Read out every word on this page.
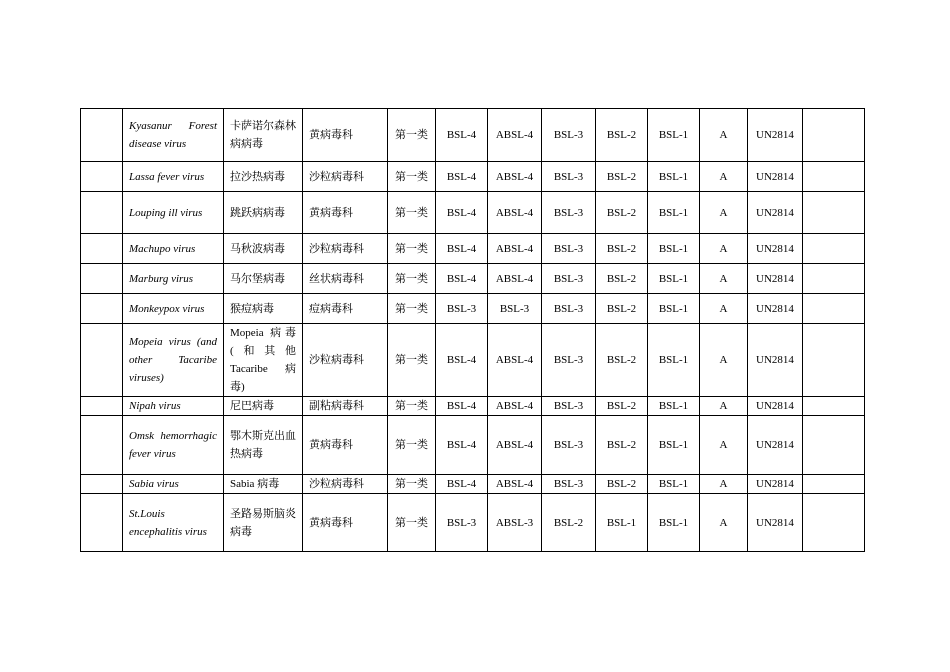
	Kyasanur Forest disease virus	卡萨诺尔森林病病毒	黄病毒科	第一类	BSL-4	ABSL-4	BSL-3	BSL-2	BSL-1	A	UN2814	
	Lassa fever virus	拉沙热病毒	沙粒病毒科	第一类	BSL-4	ABSL-4	BSL-3	BSL-2	BSL-1	A	UN2814	
	Louping ill virus	跳跃病病毒	黄病毒科	第一类	BSL-4	ABSL-4	BSL-3	BSL-2	BSL-1	A	UN2814	
	Machupo virus	马秋波病毒	沙粒病毒科	第一类	BSL-4	ABSL-4	BSL-3	BSL-2	BSL-1	A	UN2814	
	Marburg virus	马尔堡病毒	丝状病毒科	第一类	BSL-4	ABSL-4	BSL-3	BSL-2	BSL-1	A	UN2814	
	Monkeypox virus	猴痘病毒	痘病毒科	第一类	BSL-3	BSL-3	BSL-3	BSL-2	BSL-1	A	UN2814	
	Mopeia virus (and other Tacaribe viruses)	Mopeia 病毒(和其他 Tacaribe 病毒)	沙粒病毒科	第一类	BSL-4	ABSL-4	BSL-3	BSL-2	BSL-1	A	UN2814	
	Nipah virus	尼巴病毒	副粘病毒科	第一类	BSL-4	ABSL-4	BSL-3	BSL-2	BSL-1	A	UN2814	
	Omsk hemorrhagic fever virus	鄂木斯克出血热病毒	黄病毒科	第一类	BSL-4	ABSL-4	BSL-3	BSL-2	BSL-1	A	UN2814	
	Sabia virus	Sabia 病毒	沙粒病毒科	第一类	BSL-4	ABSL-4	BSL-3	BSL-2	BSL-1	A	UN2814	
	St.Louis encephalitis virus	圣路易斯脑炎病毒	黄病毒科	第一类	BSL-3	ABSL-3	BSL-2	BSL-1	BSL-1	A	UN2814	
